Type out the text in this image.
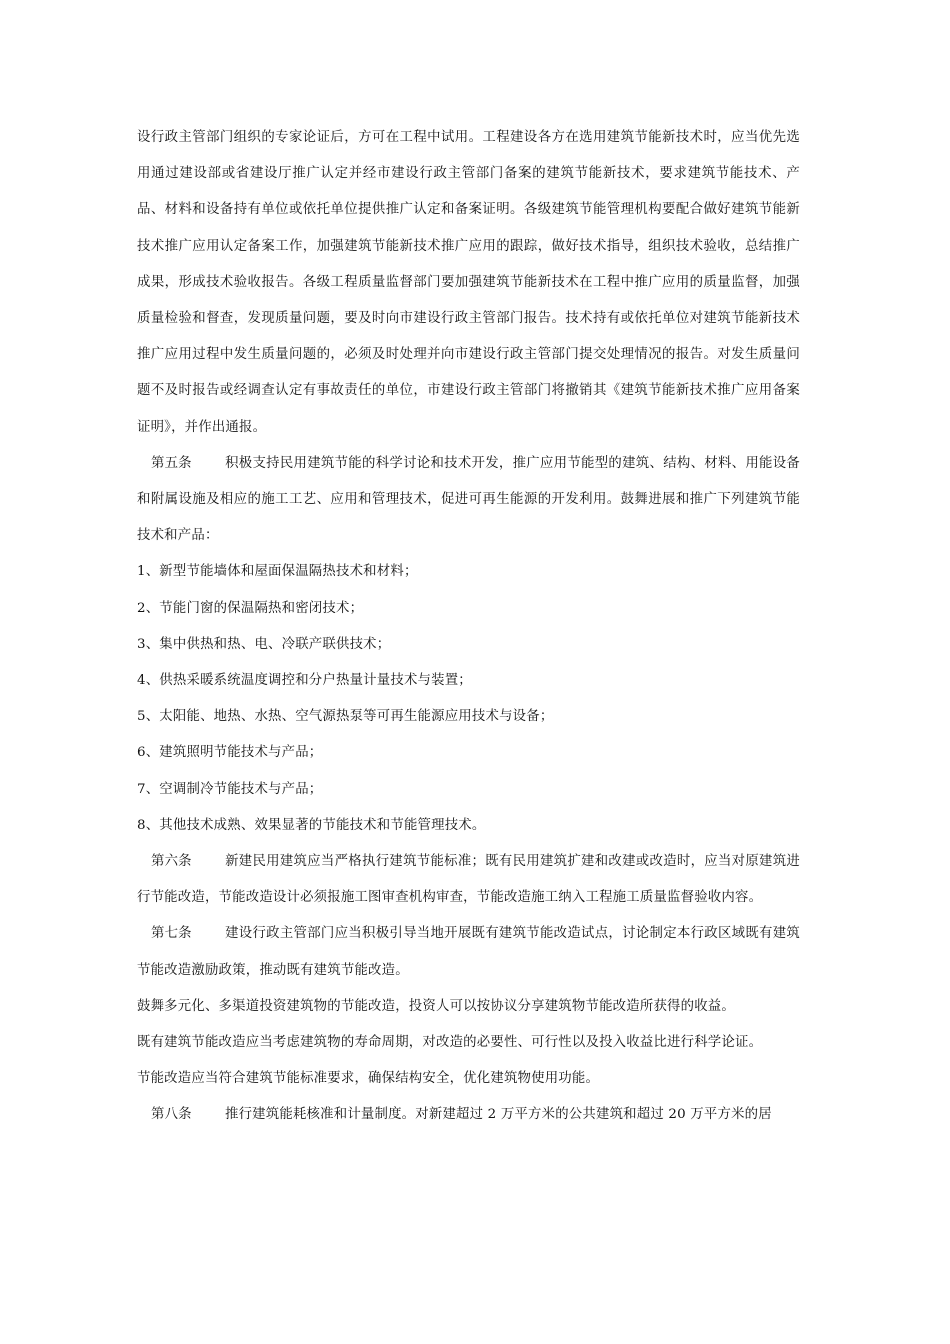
设行政主管部门组织的专家论证后，方可在工程中试用。工程建设各方在选用建筑节能新技术时，应当优先选用通过建设部或省建设厅推广认定并经市建设行政主管部门备案的建筑节能新技术，要求建筑节能技术、产品、材料和设备持有单位或依托单位提供推广认定和备案证明。各级建筑节能管理机构要配合做好建筑节能新技术推广应用认定备案工作，加强建筑节能新技术推广应用的跟踪，做好技术指导，组织技术验收，总结推广成果，形成技术验收报告。各级工程质量监督部门要加强建筑节能新技术在工程中推广应用的质量监督，加强质量检验和督查，发现质量问题，要及时向市建设行政主管部门报告。技术持有或依托单位对建筑节能新技术推广应用过程中发生质量问题的，必须及时处理并向市建设行政主管部门提交处理情况的报告。对发生质量问题不及时报告或经调查认定有事故责任的单位，市建设行政主管部门将撤销其《建筑节能新技术推广应用备案证明》，并作出通报。

第五条 积极支持民用建筑节能的科学讨论和技术开发，推广应用节能型的建筑、结构、材料、用能设备和附属设施及相应的施工工艺、应用和管理技术，促进可再生能源的开发利用。鼓舞进展和推广下列建筑节能技术和产品：

1、新型节能墙体和屋面保温隔热技术和材料；

2、节能门窗的保温隔热和密闭技术；

3、集中供热和热、电、冷联产联供技术；

4、供热采暖系统温度调控和分户热量计量技术与装置；

5、太阳能、地热、水热、空气源热泵等可再生能源应用技术与设备；

6、建筑照明节能技术与产品；

7、空调制冷节能技术与产品；

8、其他技术成熟、效果显著的节能技术和节能管理技术。

第六条 新建民用建筑应当严格执行建筑节能标准；既有民用建筑扩建和改建或改造时，应当对原建筑进行节能改造，节能改造设计必须报施工图审查机构审查，节能改造施工纳入工程施工质量监督验收内容。

第七条 建设行政主管部门应当积极引导当地开展既有建筑节能改造试点，讨论制定本行政区域既有建筑节能改造激励政策，推动既有建筑节能改造。

鼓舞多元化、多渠道投资建筑物的节能改造，投资人可以按协议分享建筑物节能改造所获得的收益。

既有建筑节能改造应当考虑建筑物的寿命周期，对改造的必要性、可行性以及投入收益比进行科学论证。

节能改造应当符合建筑节能标准要求，确保结构安全，优化建筑物使用功能。

第八条 推行建筑能耗核准和计量制度。对新建超过 2 万平方米的公共建筑和超过 20 万平方米的居
